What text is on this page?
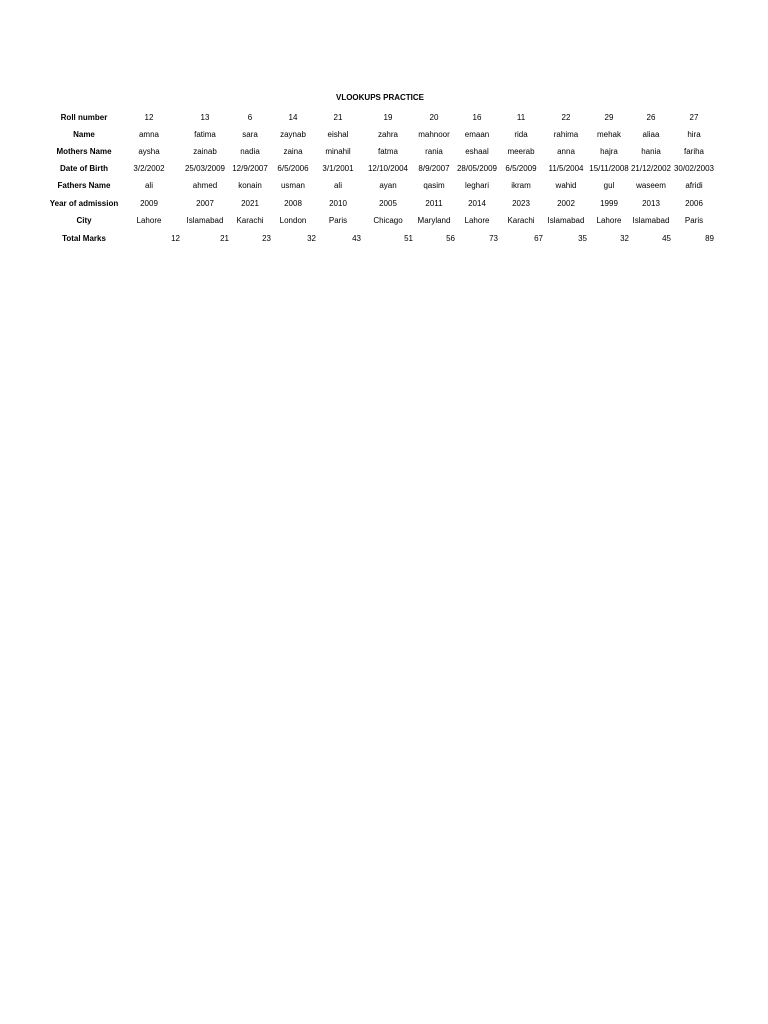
VLOOKUPS PRACTICE
Roll number	12	13	6	14	21	19	20	16	11	22	29	26	27
Name	amna	fatima	sara	zaynab	eishal	zahra	mahnoor	emaan	rida	rahima	mehak	aliaa	hira
Mothers Name	aysha	zainab	nadia	zaina	minahil	fatma	rania	eshaal	meerab	anna	hajra	hania	fariha
Date of Birth	3/2/2002	25/03/2009 12/9/2007	6/5/2006	3/1/2001	12/10/2004	8/9/2007 28/05/2009	6/5/2009	11/5/2004 15/11/2008 21/12/2002 30/02/2003
Fathers Name	ali	ahmed	konain	usman	ali	ayan	qasim	leghari	ikram	wahid	gul	waseem	afridi
Year of admission	2009	2007	2021	2008	2010	2005	2011	2014	2023	2002	1999	2013	2006
City	Lahore	Islamabad	Karachi	London	Paris	Chicago	Maryland	Lahore	Karachi	Islamabad	Lahore	Islamabad	Paris
Total Marks	12	21	23	32	43	51	56	73	67	35	32	45	89
